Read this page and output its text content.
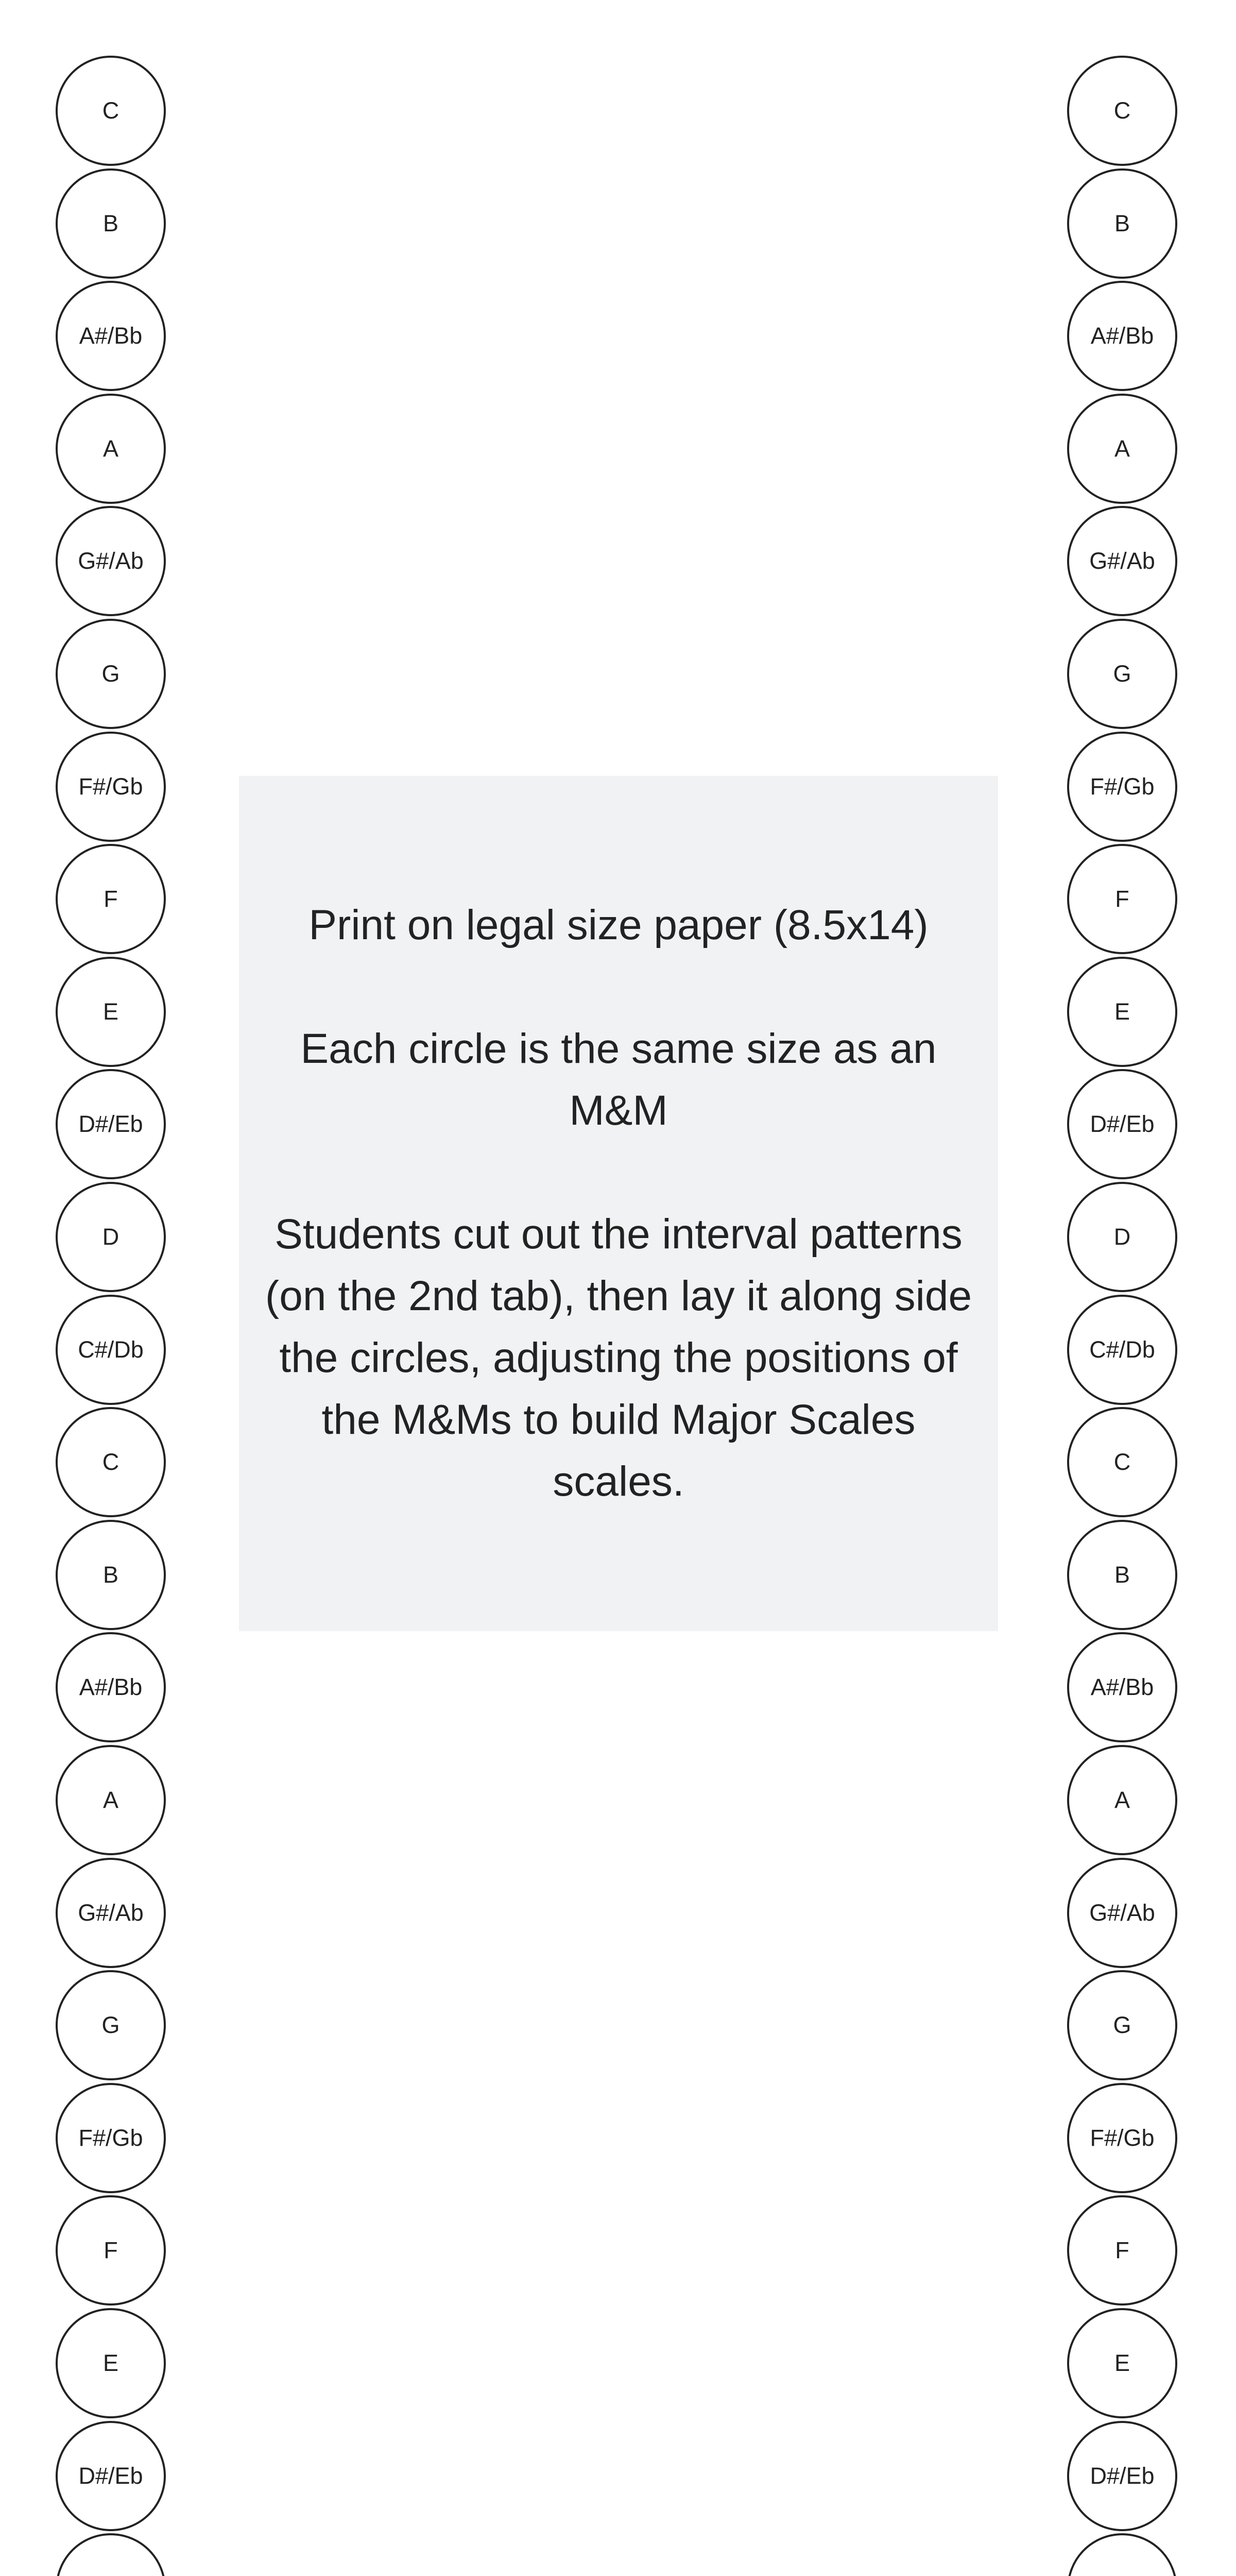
C
B
A#/Bb
A
G#/Ab
G
F#/Gb
F
E
D#/Eb
D
C#/Db
C
B
A#/Bb
A
G#/Ab
G
F#/Gb
F
E
D#/Eb

Print on legal size paper (8.5x14)

Each circle is the same size as an M&M

Students cut out the interval patterns (on the 2nd tab), then lay it along side the circles, adjusting the positions of the M&Ms to build Major Scales scales.

C
B
A#/Bb
A
G#/Ab
G
F#/Gb
F
E
D#/Eb
D
C#/Db
C
B
A#/Bb
A
G#/Ab
G
F#/Gb
F
E
D#/Eb
